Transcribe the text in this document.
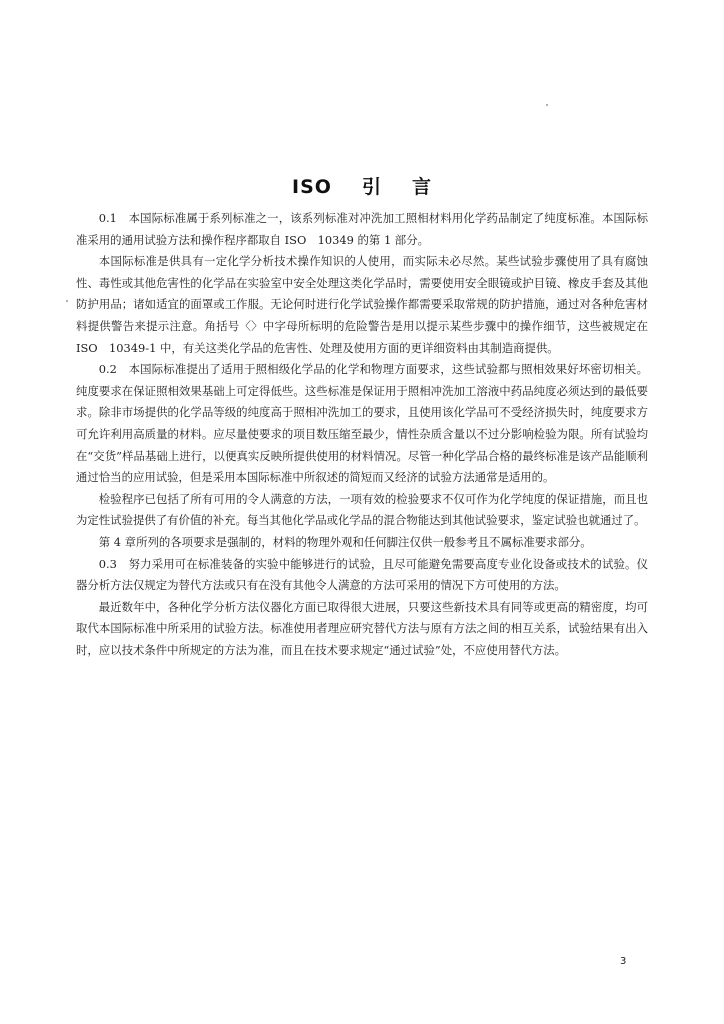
ISO 引 言

0.1　本国际标准属于系列标准之一，该系列标准对冲洗加工照相材料用化学药品制定了纯度标准。本国际标准采用的通用试验方法和操作程序都取自 ISO　10349 的第 1 部分。

本国际标准是供具有一定化学分析技术操作知识的人使用，而实际未必尽然。某些试验步骤使用了具有腐蚀性、毒性或其他危害性的化学品在实验室中安全处理这类化学品时，需要使用安全眼镜或护目镜、橡皮手套及其他防护用品；诸如适宜的面罩或工作服。无论何时进行化学试验操作都需要采取常规的防护措施，通过对各种危害材料提供警告来提示注意。角括号〈〉中字母所标明的危险警告是用以提示某些步骤中的操作细节，这些被规定在 ISO　10349-1 中，有关这类化学品的危害性、处理及使用方面的更详细资料由其制造商提供。

0.2　本国际标准提出了适用于照相级化学品的化学和物理方面要求，这些试验都与照相效果好坏密切相关。纯度要求在保证照相效果基础上可定得低些。这些标准是保证用于照相冲洗加工溶液中药品纯度必须达到的最低要求。除非市场提供的化学品等级的纯度高于照相冲洗加工的要求，且使用该化学品可不受经济损失时，纯度要求方可允许利用高质量的材料。应尽量使要求的项目数压缩至最少，情性杂质含量以不过分影响检验为限。所有试验均在“交货”样品基础上进行，以便真实反映所提供使用的材料情况。尽管一种化学品合格的最终标准是该产品能顺利通过恰当的应用试验，但是采用本国际标准中所叙述的简短而又经济的试验方法通常是适用的。

检验程序已包括了所有可用的令人满意的方法，一项有效的检验要求不仅可作为化学纯度的保证措施，而且也为定性试验提供了有价值的补充。每当其他化学品或化学品的混合物能达到其他试验要求，鉴定试验也就通过了。

第 4 章所列的各项要求是强制的，材料的物理外观和任何脚注仅供一般参考且不属标准要求部分。

0.3　努力采用可在标准装备的实验中能够进行的试验，且尽可能避免需要高度专业化设备或技术的试验。仪器分析方法仅规定为替代方法或只有在没有其他令人满意的方法可采用的情况下方可使用的方法。

最近数年中，各种化学分析方法仪器化方面已取得很大进展，只要这些新技术具有同等或更高的精密度，均可取代本国际标准中所采用的试验方法。标准使用者理应研究替代方法与原有方法之间的相互关系，试验结果有出入时，应以技术条件中所规定的方法为准，而且在技术要求规定“通过试验”处，不应使用替代方法。

3
